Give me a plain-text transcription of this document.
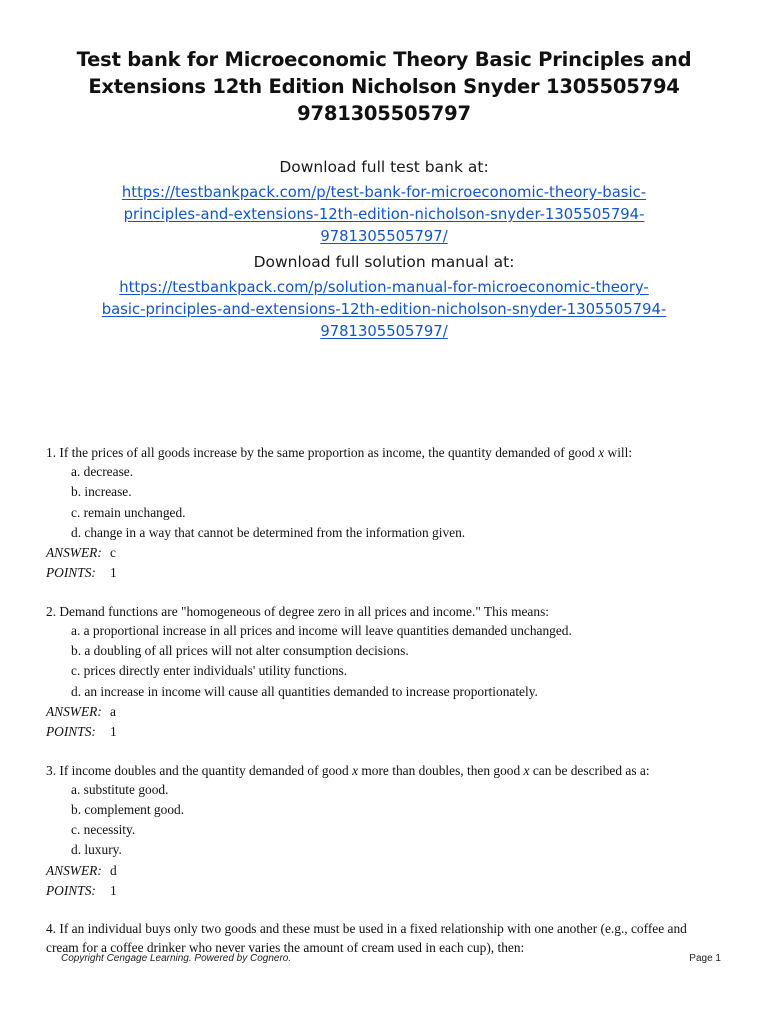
Test bank for Microeconomic Theory Basic Principles and
Extensions 12th Edition Nicholson Snyder 1305505794
9781305505797
Download full test bank at:
https://testbankpack.com/p/test-bank-for-microeconomic-theory-basic-
principles-and-extensions-12th-edition-nicholson-snyder-1305505794-
9781305505797/
Download full solution manual at:
https://testbankpack.com/p/solution-manual-for-microeconomic-theory-
basic-principles-and-extensions-12th-edition-nicholson-snyder-1305505794-
9781305505797/
1. If the prices of all goods increase by the same proportion as income, the quantity demanded of good x will:
a. decrease.
b. increase.
c. remain unchanged.
d. change in a way that cannot be determined from the information given.
ANSWER: c
POINTS:	1
2. Demand functions are "homogeneous of degree zero in all prices and income." This means:
a. a proportional increase in all prices and income will leave quantities demanded unchanged.
b. a doubling of all prices will not alter consumption decisions.
c. prices directly enter individuals' utility functions.
d. an increase in income will cause all quantities demanded to increase proportionately.
ANSWER: a
POINTS:	1
3. If income doubles and the quantity demanded of good x more than doubles, then good x can be described as a:
a. substitute good.
b. complement good.
c. necessity.
d. luxury.
ANSWER: d
POINTS:	1
4. If an individual buys only two goods and these must be used in a fixed relationship with one another (e.g., coffee and
cream for a coffee drinker who never varies the amount of cream used in each cup), then:
Copyright Cengage Learning. Powered by Cognero.	Page 1
